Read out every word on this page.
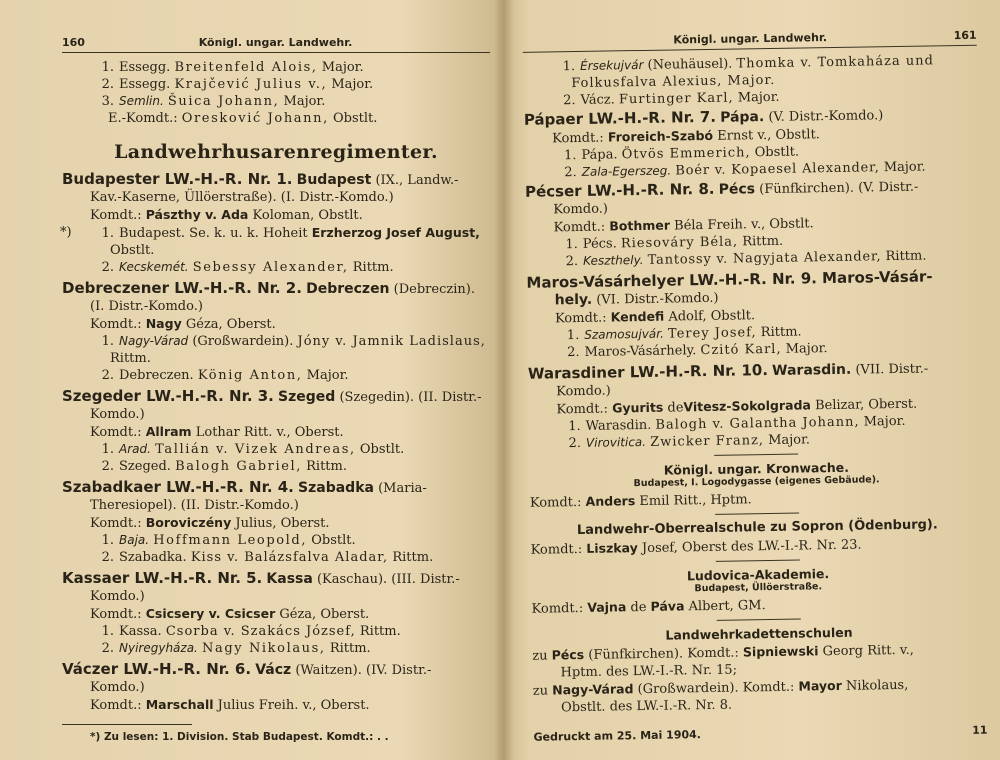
160	Königl. ungar. Landwehr.
1. Essegg. Breitenfeld Alois, Major.
2. Essegg. Krajčević Julius v., Major.
3. Semlin. Šuica Johann, Major.
E.-Komdt.: Oresković Johann, Obstlt.
Landwehrhusarenregimenter.
Budapester LW.-H.-R. Nr. 1. Budapest (IX., Landw.-
Kav.-Kaserne, Üllöerstraße). (I. Distr.-Komdo.)
Komdt.: Pászthy v. Ada Koloman, Obstlt.
*)	1. Budapest. Se. k. u. k. Hoheit Erzherzog Josef August,
Obstlt.
2. Kecskemét. Sebessy Alexander, Rittm.
Debreczener LW.-H.-R. Nr. 2. Debreczen (Debreczin).
(I. Distr.-Komdo.)
Komdt.: Nagy Géza, Oberst.
1. Nagy-Várad (Großwardein). Jóny v. Jamnik Ladislaus,
Rittm.
2. Debreczen. König Anton, Major.
Szegeder LW.-H.-R. Nr. 3. Szeged (Szegedin). (II. Distr.-
Komdo.)
Komdt.: Allram Lothar Ritt. v., Oberst.
1. Arad. Tallián v. Vizek Andreas, Obstlt.
2. Szeged. Balogh Gabriel, Rittm.
Szabadkaer LW.-H.-R. Nr. 4. Szabadka (Maria-
Theresiopel). (II. Distr.-Komdo.)
Komdt.: Boroviczény Julius, Oberst.
1. Baja. Hoffmann Leopold, Obstlt.
2. Szabadka. Kiss v. Balázsfalva Aladar, Rittm.
Kassaer LW.-H.-R. Nr. 5. Kassa (Kaschau). (III. Distr.-
Komdo.)
Komdt.: Csicsery v. Csicser Géza, Oberst.
1. Kassa. Csorba v. Szakács József, Rittm.
2. Nyiregyháza. Nagy Nikolaus, Rittm.
Váczer LW.-H.-R. Nr. 6. Vácz (Waitzen). (IV. Distr.-
Komdo.)
Komdt.: Marschall Julius Freih. v., Oberst.
*) Zu lesen: 1. Division. Stab Budapest. Komdt.: . .
Königl. ungar. Landwehr.	161
1. Érsekujvár (Neuhäusel). Thomka v. Tomkaháza und
Folkusfalva Alexius, Major.
2. Vácz. Furtinger Karl, Major.
Pápaer LW.-H.-R. Nr. 7. Pápa. (V. Distr.-Komdo.)
Komdt.: Froreich-Szabó Ernst v., Obstlt.
1. Pápa. Ötvös Emmerich, Obstlt.
2. Zala-Egerszeg. Boér v. Kopaesel Alexander, Major.
Pécser LW.-H.-R. Nr. 8. Pécs (Fünfkirchen). (V. Distr.-
Komdo.)
Komdt.: Bothmer Béla Freih. v., Obstlt.
1. Pécs. Riesováry Béla, Rittm.
2. Keszthely. Tantossy v. Nagyjata Alexander, Rittm.
Maros-Vásárhelyer LW.-H.-R. Nr. 9. Maros-Vásár-
hely. (VI. Distr.-Komdo.)
Komdt.: Kendefi Adolf, Obstlt.
1. Szamosujvár. Terey Josef, Rittm.
2. Maros-Vásárhely. Czitó Karl, Major.
Warasdiner LW.-H.-R. Nr. 10. Warasdin. (VII. Distr.-
Komdo.)
Komdt.: Gyurits deVitesz-Sokolgrada Belizar, Oberst.
1. Warasdin. Balogh v. Galantha Johann, Major.
2. Virovitica. Zwicker Franz, Major.
Königl. ungar. Kronwache.
Budapest, I. Logodygasse (eigenes Gebäude).
Komdt.: Anders Emil Ritt., Hptm.
Landwehr-Oberrealschule zu Sopron (Ödenburg).
Komdt.: Liszkay Josef, Oberst des LW.-I.-R. Nr. 23.
Ludovica-Akademie.
Budapest, Üllöerstraße.
Komdt.: Vajna de Páva Albert, GM.
Landwehrkadettenschulen
zu Pécs (Fünfkirchen). Komdt.: Sipniewski Georg Ritt. v.,
Hptm. des LW.-I.-R. Nr. 15;
zu Nagy-Várad (Großwardein). Komdt.: Mayor Nikolaus,
Obstlt. des LW.-I.-R. Nr. 8.
Gedruckt am 25. Mai 1904.	11
